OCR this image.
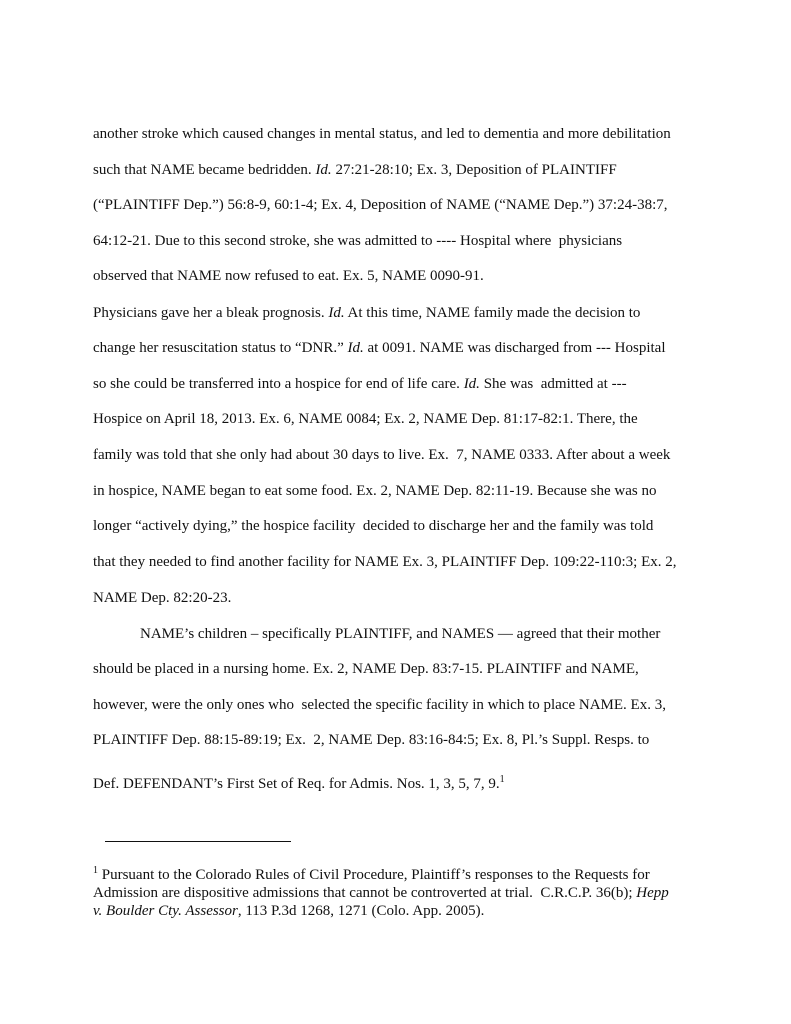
another stroke which caused changes in mental status, and led to dementia and more debilitation
such that NAME became bedridden. Id. 27:21-28:10; Ex. 3, Deposition of PLAINTIFF
(“PLAINTIFF Dep.”) 56:8-9, 60:1-4; Ex. 4, Deposition of NAME (“NAME Dep.”) 37:24-38:7,
64:12-21. Due to this second stroke, she was admitted to ---- Hospital where  physicians
observed that NAME now refused to eat. Ex. 5, NAME 0090-91.
Physicians gave her a bleak prognosis. Id. At this time, NAME family made the decision to
change her resuscitation status to “DNR.” Id. at 0091. NAME was discharged from --- Hospital
so she could be transferred into a hospice for end of life care. Id. She was  admitted at ---
Hospice on April 18, 2013. Ex. 6, NAME 0084; Ex. 2, NAME Dep. 81:17-82:1. There, the
family was told that she only had about 30 days to live. Ex.  7, NAME 0333. After about a week
in hospice, NAME began to eat some food. Ex. 2, NAME Dep. 82:11-19. Because she was no
longer “actively dying,” the hospice facility  decided to discharge her and the family was told
that they needed to find another facility for NAME Ex. 3, PLAINTIFF Dep. 109:22-110:3; Ex. 2,
NAME Dep. 82:20-23.
NAME’s children – specifically PLAINTIFF, and NAMES — agreed that their mother
should be placed in a nursing home. Ex. 2, NAME Dep. 83:7-15. PLAINTIFF and NAME,
however, were the only ones who  selected the specific facility in which to place NAME. Ex. 3,
PLAINTIFF Dep. 88:15-89:19; Ex.  2, NAME Dep. 83:16-84:5; Ex. 8, Pl.’s Suppl. Resps. to
Def. DEFENDANT’s First Set of Req. for Admis. Nos. 1, 3, 5, 7, 9.$^1$
$^1$ Pursuant to the Colorado Rules of Civil Procedure, Plaintiff’s responses to the Requests for
Admission are dispositive admissions that cannot be controverted at trial.  C.R.C.P. 36(b); Hepp
v. Boulder Cty. Assessor, 113 P.3d 1268, 1271 (Colo. App. 2005).
